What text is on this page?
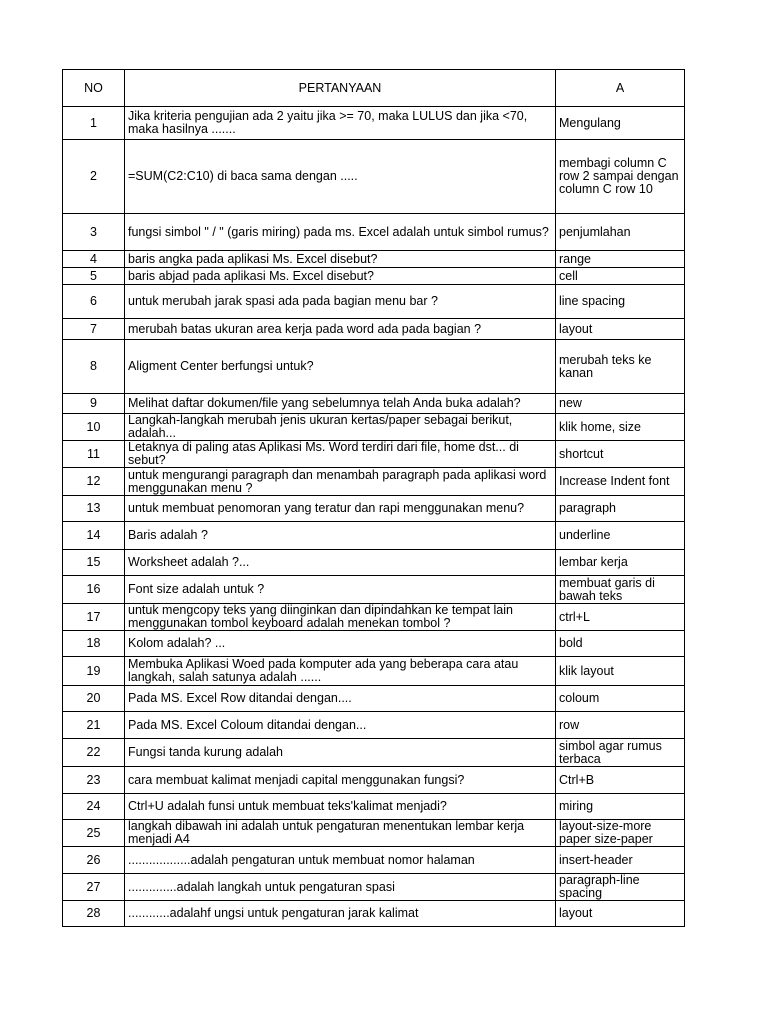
NO	PERTANYAAN	A
1	Jika kriteria pengujian ada 2 yaitu jika >= 70, maka LULUS dan jika <70, maka hasilnya .......	Mengulang
2	=SUM(C2:C10) di baca sama dengan .....	membagi column C row 2 sampai dengan column C row 10
3	fungsi simbol " / " (garis miring) pada ms. Excel adalah untuk simbol rumus?	penjumlahan
4	baris angka pada aplikasi Ms. Excel disebut?	range
5	baris abjad pada aplikasi Ms. Excel disebut?	cell
6	untuk merubah jarak spasi ada pada bagian menu bar ?	line spacing
7	merubah batas ukuran area kerja pada word ada pada bagian ?	layout
8	Aligment Center berfungsi untuk?	merubah teks ke kanan
9	Melihat daftar dokumen/file yang sebelumnya telah Anda buka adalah?	new
10	Langkah-langkah merubah jenis ukuran kertas/paper sebagai berikut, adalah...	klik home, size
11	Letaknya di paling atas Aplikasi Ms. Word terdiri dari file, home dst... di sebut?	shortcut
12	untuk mengurangi paragraph dan menambah paragraph pada aplikasi word menggunakan menu ?	Increase Indent font
13	untuk membuat penomoran yang teratur dan rapi menggunakan menu?	paragraph
14	Baris adalah ?	underline
15	Worksheet adalah ?...	lembar kerja
16	Font size adalah untuk ?	membuat garis di bawah teks
17	untuk mengcopy teks yang diinginkan dan dipindahkan ke tempat lain menggunakan tombol keyboard adalah menekan tombol ?	ctrl+L
18	Kolom adalah? ...	bold
19	Membuka Aplikasi Woed pada komputer ada yang beberapa cara atau langkah, salah satunya adalah ......	klik layout
20	Pada MS. Excel Row ditandai dengan....	coloum
21	Pada MS. Excel Coloum ditandai dengan...	row
22	Fungsi tanda kurung adalah	simbol agar rumus terbaca
23	cara membuat kalimat menjadi capital menggunakan fungsi?	Ctrl+B
24	Ctrl+U adalah funsi untuk membuat teks'kalimat menjadi?	miring
25	langkah dibawah ini adalah untuk pengaturan menentukan lembar kerja menjadi A4	layout-size-more paper size-paper
26	..................adalah pengaturan untuk membuat nomor halaman	insert-header
27	..............adalah langkah untuk pengaturan spasi	paragraph-line spacing
28	............adalahf ungsi untuk pengaturan jarak kalimat	layout
